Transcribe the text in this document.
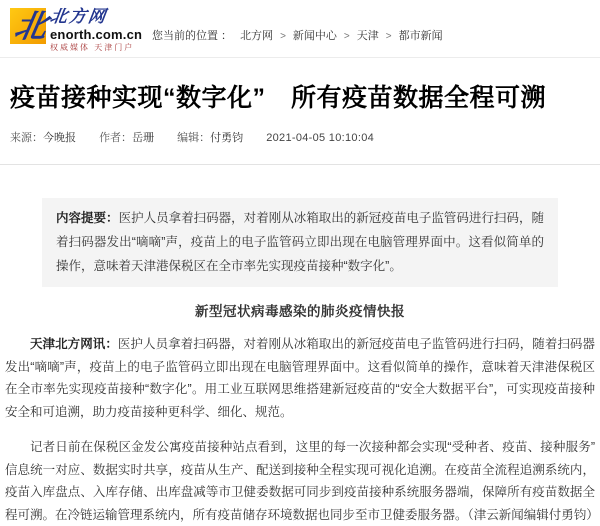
北
北方网
enorth.com.cn
权威媒体 天津门户
您当前的位置 ： 北方网 > 新闻中心 > 天津 > 都市新闻
疫苗接种实现“数字化”　所有疫苗数据全程可溯
来源：今晚报 作者：岳珊 编辑：付勇钧 2021-04-05 10:10:04
内容提要：医护人员拿着扫码器，对着刚从冰箱取出的新冠疫苗电子监管码进行扫码，随着扫码器发出“嘀嘀”声，疫苗上的电子监管码立即出现在电脑管理界面中。这看似简单的操作，意味着天津港保税区在全市率先实现疫苗接种“数字化”。
新型冠状病毒感染的肺炎疫情快报

天津北方网讯：医护人员拿着扫码器，对着刚从冰箱取出的新冠疫苗电子监管码进行扫码，随着扫码器发出“嘀嘀”声，疫苗上的电子监管码立即出现在电脑管理界面中。这看似简单的操作，意味着天津港保税区在全市率先实现疫苗接种“数字化”。用工业互联网思维搭建新冠疫苗的“安全大数据平台”，可实现疫苗接种安全和可追溯，助力疫苗接种更科学、细化、规范。

记者日前在保税区金发公寓疫苗接种站点看到，这里的每一次接种都会实现“受种者、疫苗、接种服务”信息统一对应、数据实时共享，疫苗从生产、配送到接种全程实现可视化追溯。在疫苗全流程追溯系统内，疫苗入库盘点、入库存储、出库盘减等市卫健委数据可同步到疫苗接种系统服务器端，保障所有疫苗数据全程可溯。在冷链运输管理系统内，所有疫苗储存环境数据也同步至市卫健委服务器。（津云新闻编辑付勇钧）
